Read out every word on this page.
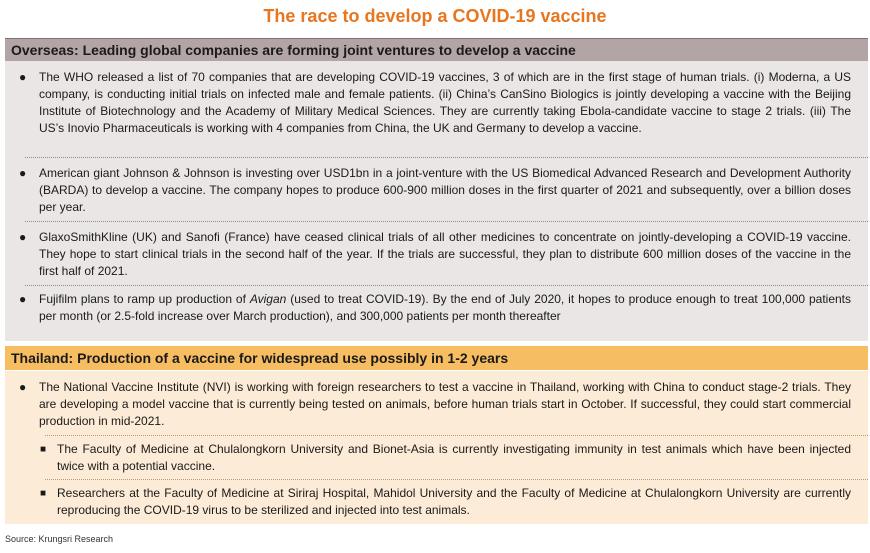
The race to develop a COVID-19 vaccine
Overseas: Leading global companies are forming joint ventures to develop a vaccine
● The WHO released a list of 70 companies that are developing COVID-19 vaccines, 3 of which are in the first stage of human trials. (i) Moderna, a US company, is conducting initial trials on infected male and female patients. (ii) China’s CanSino Biologics is jointly developing a vaccine with the Beijing Institute of Biotechnology and the Academy of Military Medical Sciences. They are currently taking Ebola-candidate vaccine to stage 2 trials. (iii) The US’s Inovio Pharmaceuticals is working with 4 companies from China, the UK and Germany to develop a vaccine.
● American giant Johnson & Johnson is investing over USD1bn in a joint-venture with the US Biomedical Advanced Research and Development Authority (BARDA) to develop a vaccine. The company hopes to produce 600-900 million doses in the first quarter of 2021 and subsequently, over a billion doses per year.
● GlaxoSmithKline (UK) and Sanofi (France) have ceased clinical trials of all other medicines to concentrate on jointly-developing a COVID-19 vaccine. They hope to start clinical trials in the second half of the year. If the trials are successful, they plan to distribute 600 million doses of the vaccine in the first half of 2021.
● Fujifilm plans to ramp up production of Avigan (used to treat COVID-19). By the end of July 2020, it hopes to produce enough to treat 100,000 patients per month (or 2.5-fold increase over March production), and 300,000 patients per month thereafter
Thailand: Production of a vaccine for widespread use possibly in 1-2 years
● The National Vaccine Institute (NVI) is working with foreign researchers to test a vaccine in Thailand, working with China to conduct stage-2 trials. They are developing a model vaccine that is currently being tested on animals, before human trials start in October. If successful, they could start commercial production in mid-2021.
■ The Faculty of Medicine at Chulalongkorn University and Bionet-Asia is currently investigating immunity in test animals which have been injected twice with a potential vaccine.
■ Researchers at the Faculty of Medicine at Siriraj Hospital, Mahidol University and the Faculty of Medicine at Chulalongkorn University are currently reproducing the COVID-19 virus to be sterilized and injected into test animals.
Source: Krungsri Research
